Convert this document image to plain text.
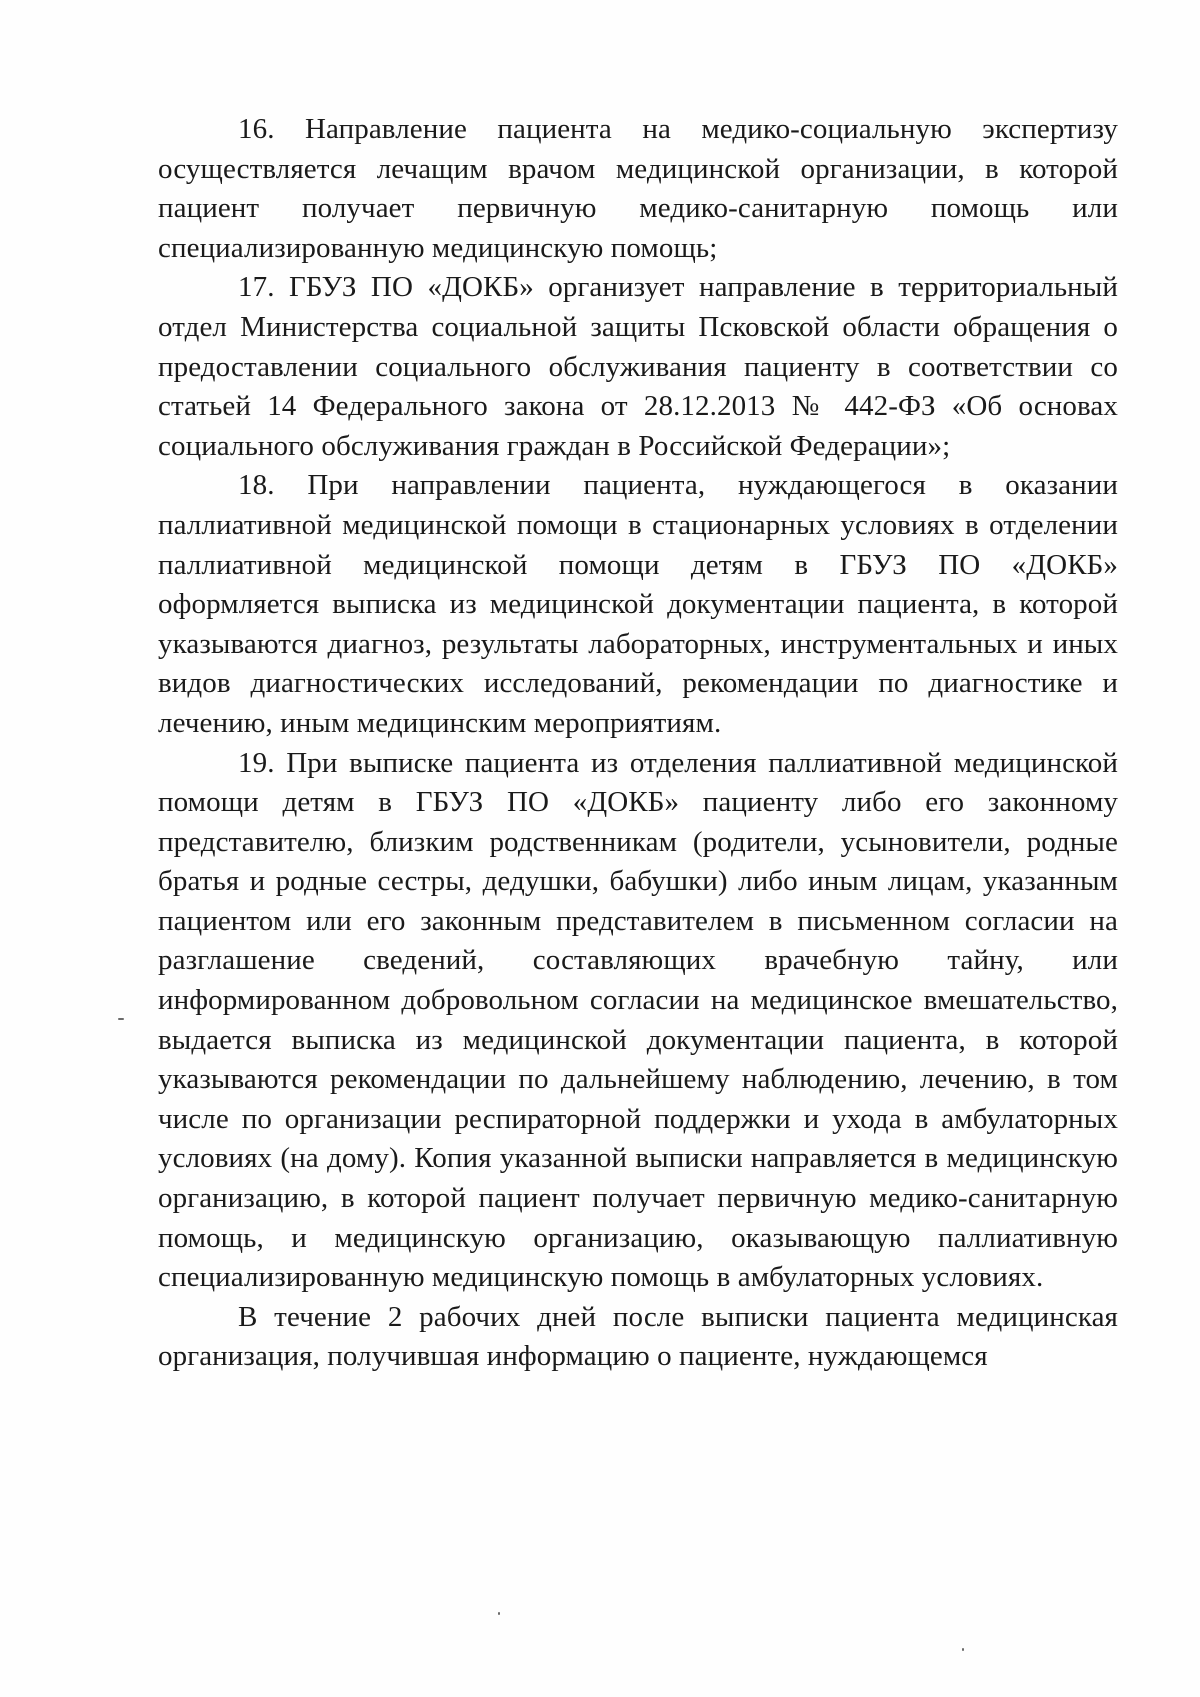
16. Направление пациента на медико-социальную экспертизу осуществляется лечащим врачом медицинской организации, в которой пациент получает первичную медико-санитарную помощь или специализированную медицинскую помощь;

17. ГБУЗ ПО «ДОКБ» организует направление в территориальный отдел Министерства социальной защиты Псковской области обращения о предоставлении социального обслуживания пациенту в соответствии со статьей 14 Федерального закона от 28.12.2013 № 442-ФЗ «Об основах социального обслуживания граждан в Российской Федерации»;

18. При направлении пациента, нуждающегося в оказании паллиативной медицинской помощи в стационарных условиях в отделении паллиативной медицинской помощи детям в ГБУЗ ПО «ДОКБ» оформляется выписка из медицинской документации пациента, в которой указываются диагноз, результаты лабораторных, инструментальных и иных видов диагностических исследований, рекомендации по диагностике и лечению, иным медицинским мероприятиям.

19. При выписке пациента из отделения паллиативной медицинской помощи детям в ГБУЗ ПО «ДОКБ» пациенту либо его законному представителю, близким родственникам (родители, усыновители, родные братья и родные сестры, дедушки, бабушки) либо иным лицам, указанным пациентом или его законным представителем в письменном согласии на разглашение сведений, составляющих врачебную тайну, или информированном добровольном согласии на медицинское вмешательство, выдается выписка из медицинской документации пациента, в которой указываются рекомендации по дальнейшему наблюдению, лечению, в том числе по организации респираторной поддержки и ухода в амбулаторных условиях (на дому). Копия указанной выписки направляется в медицинскую организацию, в которой пациент получает первичную медико-санитарную помощь, и медицинскую организацию, оказывающую паллиативную специализированную медицинскую помощь в амбулаторных условиях.

В течение 2 рабочих дней после выписки пациента медицинская организация, получившая информацию о пациенте, нуждающемся
